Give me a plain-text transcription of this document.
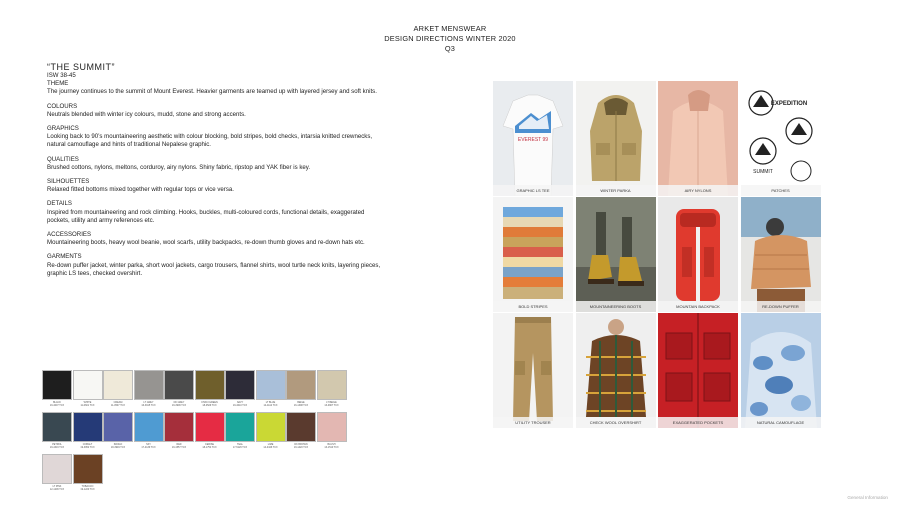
ARKET MENSWEAR
DESIGN DIRECTIONS WINTER 2020
Q3
“THE SUMMIT”
ISW 38-45
THEME
The journey continues to the summit of Mount Everest. Heavier garments are teamed up with layered jersey and soft knits.
COLOURS
Neutrals blended with winter icy colours, mudd, stone and strong accents.
GRAPHICS
Looking back to 90’s mountaineering aesthetic with colour blocking, bold stripes, bold checks, intarsia knitted crewnecks, natural camouflage and hints of traditional Nepalese graphic.
QUALITIES
Brushed cottons, nylons, meltons, corduroy, airy nylons. Shiny fabric, ripstop and YAK fiber is key.
SILHOUETTES
Relaxed fitted bottoms mixed together with regular tops or vice versa.
DETAILS
Inspired from mountaineering and rock climbing. Hooks, buckles, multi-coloured cords, functional details, exaggerated pockets, utility and army references etc.
ACCESSORIES
Mountaineering boots, heavy wool beanie, wool scarfs, utility backpacks, re-down thumb gloves and re-down hats etc.
GARMENTS
Re-down puffer jacket, winter parka, short wool jackets, cargo trousers, flannel shirts, wool turtle neck knits, layering pieces, graphic LS tees, checked overshirt.
BLACK
19-4007 TCX
WHITE
11-0601 TCX
CREAM
11-0507 TCX
LT GREY
16-3915 TCX
DK GREY
19-3906 TCX
KHAKI GREEN
18-0529 TCX
NAVY
19-4010 TCX
LT BLUE
14-4112 TCX
BEIGE
16-1308 TCX
LT BEIGE
13-0907 TCX
PETROL
19-4316 TCX
COBALT
19-3952 TCX
INDIGO
18-3949 TCX
SKY
17-4139 TCX
RED
19-1557 TCX
CERISE
18-1754 TCX
TEAL
17-5126 TCX
LIME
14-0446 TCX
DK BROWN
19-1420 TCX
BLUSH
13-1510 TCX
LT PINK
12-1206 TCX
TOBACCO
19-1220 TCX
EVEREST 99
GRAPHIC LS TEE	WINTER PARKA	AIRY NYLONS
EXPEDITION
SUMMIT
PATCHES
BOLD STRIPES	MOUNTAINEERING BOOTS	MOUNTAIN BACKPACK	RE-DOWN PUFFER
UTILITY TROUSER	CHECK WOOL OVERSHIRT	EXAGGERATED POCKETS	NATURAL CAMOUFLAGE
General Information
